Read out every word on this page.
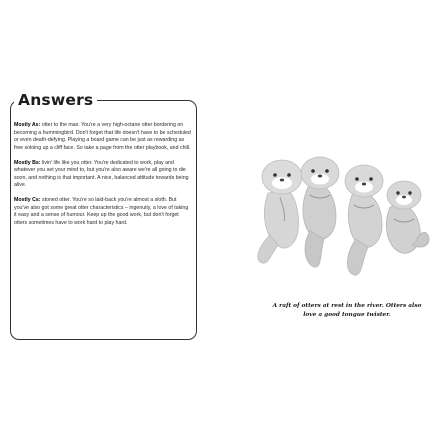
Answers

Mostly As: otter to the max. You're a very high-octane otter bordering on becoming a hummingbird. Don't forget that life doesn't have to be scheduled or even death-defying. Playing a board game can be just as rewarding as free soloing up a cliff face. So take a page from the otter playbook, and chill.

Mostly Bs: livin' life like you otter. You're dedicated to work, play and whatever you set your mind to, but you're also aware we're all going to die soon, and nothing is that important. A nice, balanced attitude towards being alive.

Mostly Cs: stoned otter. You're so laid-back you're almost a sloth. But you've also got some great otter characteristics – ingenuity, a love of taking it easy and a sense of humour. Keep up the good work, but don't forget otters sometimes have to work hard to play hard.

A raft of otters at rest in the river. Otters also
love a good tongue twister.
